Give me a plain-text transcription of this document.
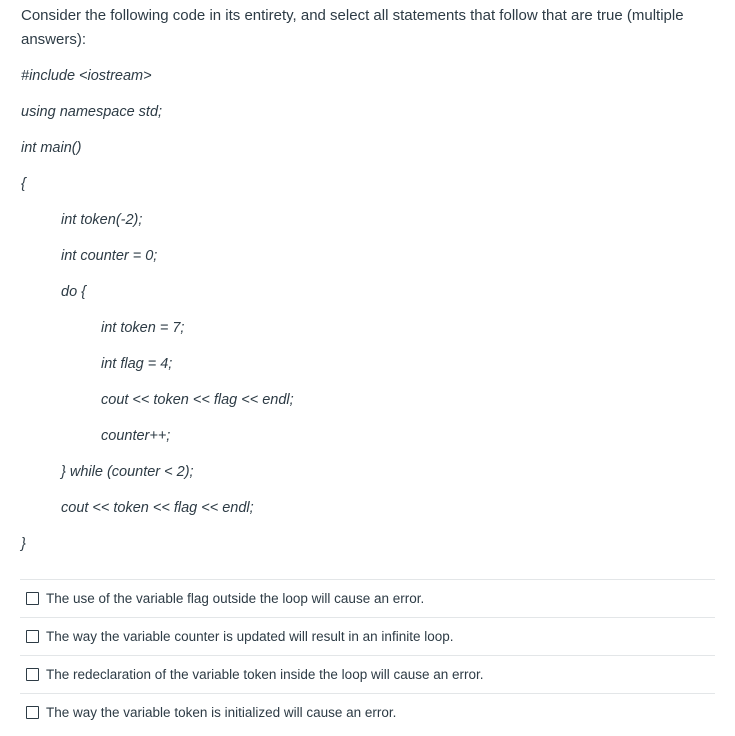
Consider the following code in its entirety, and select all statements that follow that are true (multiple answers):
#include <iostream>
using namespace std;
int main()
{
int token(-2);
int counter = 0;
do {
int token = 7;
int flag = 4;
cout << token << flag << endl;
counter++;
} while (counter < 2);
cout << token << flag << endl;
}
The use of the variable flag outside the loop will cause an error.
The way the variable counter is updated will result in an infinite loop.
The redeclaration of the variable token inside the loop will cause an error.
The way the variable token is initialized will cause an error.
